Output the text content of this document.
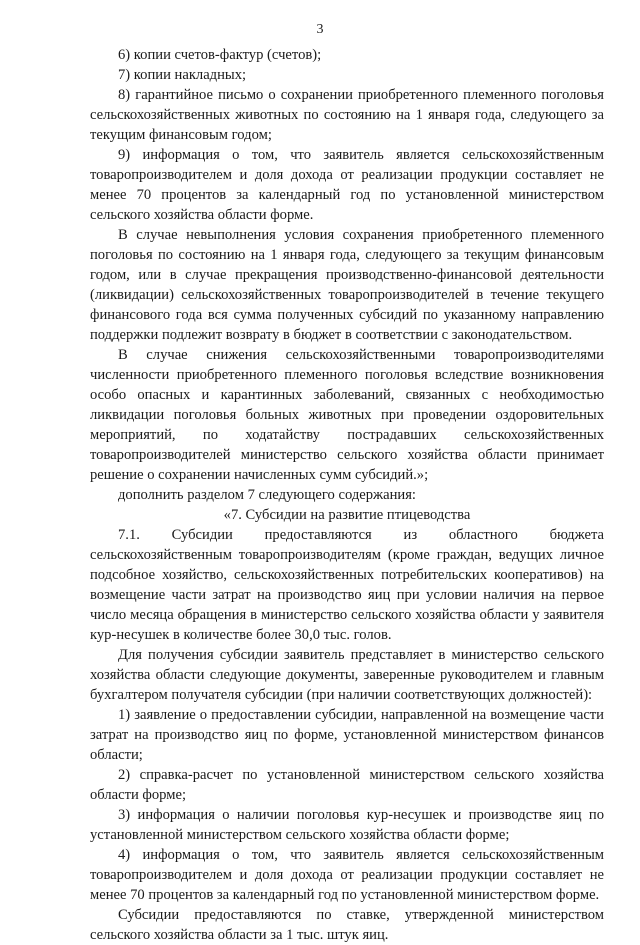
3

6) копии счетов-фактур (счетов);

7) копии накладных;

8) гарантийное письмо о сохранении приобретенного племенного поголовья сельскохозяйственных животных по состоянию на 1 января года, следующего за текущим финансовым годом;

9) информация о том, что заявитель является сельскохозяйственным товаропроизводителем и доля дохода от реализации продукции составляет не менее 70 процентов за календарный год по установленной министерством сельского хозяйства области форме.

В случае невыполнения условия сохранения приобретенного племенного поголовья по состоянию на 1 января года, следующего за текущим финансовым годом, или в случае прекращения производственно-финансовой деятельности (ликвидации) сельскохозяйственных товаропроизводителей в течение текущего финансового года вся сумма полученных субсидий по указанному направлению поддержки подлежит возврату в бюджет в соответствии с законодательством.

В случае снижения сельскохозяйственными товаропроизводителями численности приобретенного племенного поголовья вследствие возникновения особо опасных и карантинных заболеваний, связанных с необходимостью ликвидации поголовья больных животных при проведении оздоровительных мероприятий, по ходатайству пострадавших сельскохозяйственных товаропроизводителей министерство сельского хозяйства области принимает решение о сохранении начисленных сумм субсидий.»;

дополнить разделом 7 следующего содержания:

«7. Субсидии на развитие птицеводства

7.1. Субсидии предоставляются из областного бюджета сельскохозяйственным товаропроизводителям (кроме граждан, ведущих личное подсобное хозяйство, сельскохозяйственных потребительских кооперативов) на возмещение части затрат на производство яиц при условии наличия на первое число месяца обращения в министерство сельского хозяйства области у заявителя кур-несушек в количестве более 30,0 тыс. голов.

Для получения субсидии заявитель представляет в министерство сельского хозяйства области следующие документы, заверенные руководителем и главным бухгалтером получателя субсидии (при наличии соответствующих должностей):

1) заявление о предоставлении субсидии, направленной на возмещение части затрат на производство яиц по форме, установленной министерством финансов области;

2) справка-расчет по установленной министерством сельского хозяйства области форме;

3) информация о наличии поголовья кур-несушек и производстве яиц по установленной министерством сельского хозяйства области форме;

4) информация о том, что заявитель является сельскохозяйственным товаропроизводителем и доля дохода от реализации продукции составляет не менее 70 процентов за календарный год по установленной министерством форме.

Субсидии предоставляются по ставке, утвержденной министерством сельского хозяйства области за 1 тыс. штук яиц.
